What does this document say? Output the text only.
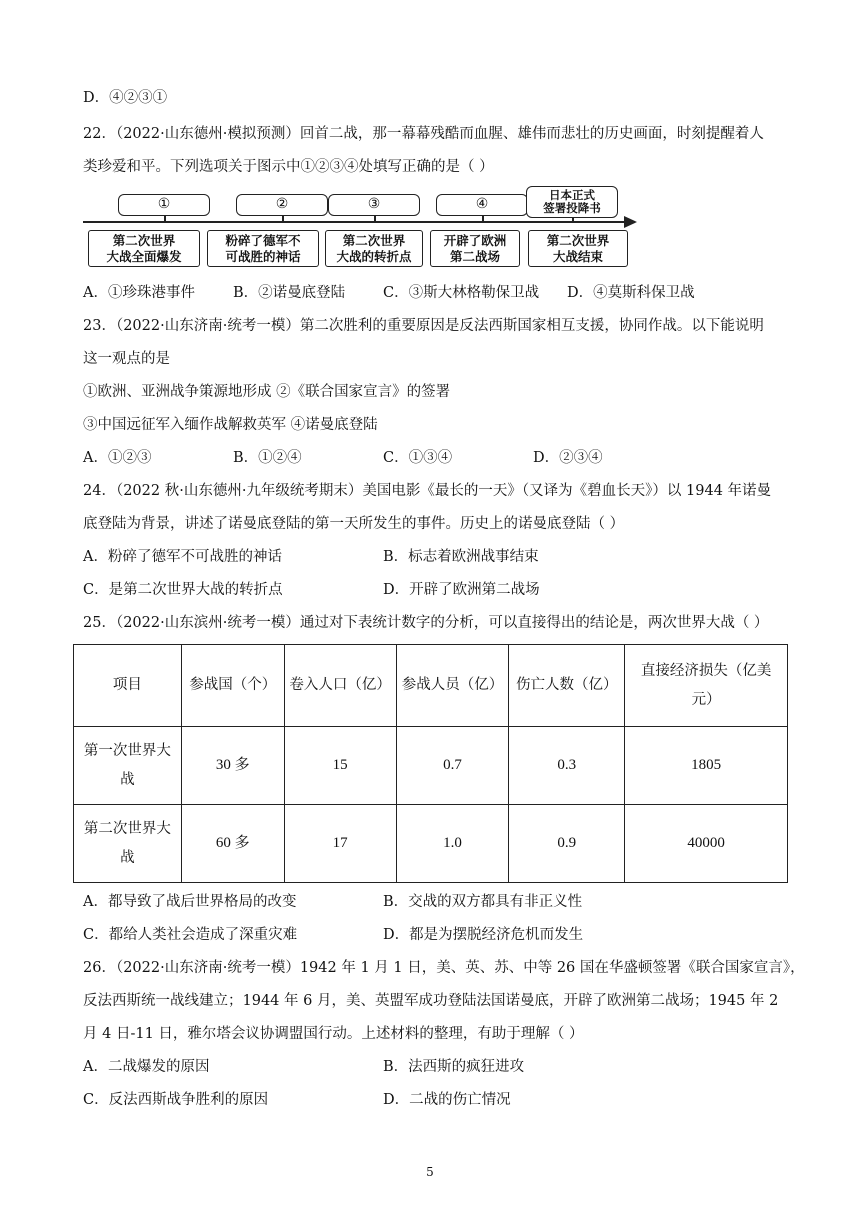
D．④②③①
22．（2022·山东德州·模拟预测）回首二战，那一幕幕残酷而血腥、雄伟而悲壮的历史画面，时刻提醒着人
类珍爱和平。下列选项关于图示中①②③④处填写正确的是（ ）
①	②	③	④
日本正式
签署投降书
第二次世界
大战全面爆发
粉碎了德军不
可战胜的神话
第二次世界
大战的转折点
开辟了欧洲
第二战场
第二次世界
大战结束
A．①珍珠港事件	B．②诺曼底登陆	C．③斯大林格勒保卫战 D．④莫斯科保卫战
23．（2022·山东济南·统考一模）第二次胜利的重要原因是反法西斯国家相互支援，协同作战。以下能说明
这一观点的是
①欧洲、亚洲战争策源地形成 ②《联合国家宣言》的签署
③中国远征军入缅作战解救英军 ④诺曼底登陆
A．①②③	B．①②④	C．①③④	D．②③④
24．（2022 秋·山东德州·九年级统考期末）美国电影《最长的一天》（又译为《碧血长天》）以 1944 年诺曼
底登陆为背景，讲述了诺曼底登陆的第一天所发生的事件。历史上的诺曼底登陆（ ）
A．粉碎了德军不可战胜的神话	B．标志着欧洲战事结束
C．是第二次世界大战的转折点	D．开辟了欧洲第二战场
25．（2022·山东滨州·统考一模）通过对下表统计数字的分析，可以直接得出的结论是，两次世界大战（ ）
项目	参战国（个）	卷入人口（亿）	参战人员（亿）	伤亡人数（亿）	直接经济损失（亿美
元）

第一次世界大
战	30 多	15	0.7	0.3	1805

第二次世界大
战	60 多	17	1.0	0.9	40000
A．都导致了战后世界格局的改变	B．交战的双方都具有非正义性
C．都给人类社会造成了深重灾难	D．都是为摆脱经济危机而发生
26．（2022·山东济南·统考一模）1942 年 1 月 1 日，美、英、苏、中等 26 国在华盛顿签署《联合国家宣言》，
反法西斯统一战线建立；1944 年 6 月，美、英盟军成功登陆法国诺曼底，开辟了欧洲第二战场；1945 年 2
月 4 日-11 日，雅尔塔会议协调盟国行动。上述材料的整理，有助于理解（ ）
A．二战爆发的原因	B．法西斯的疯狂进攻
C．反法西斯战争胜利的原因	D．二战的伤亡情况
5
